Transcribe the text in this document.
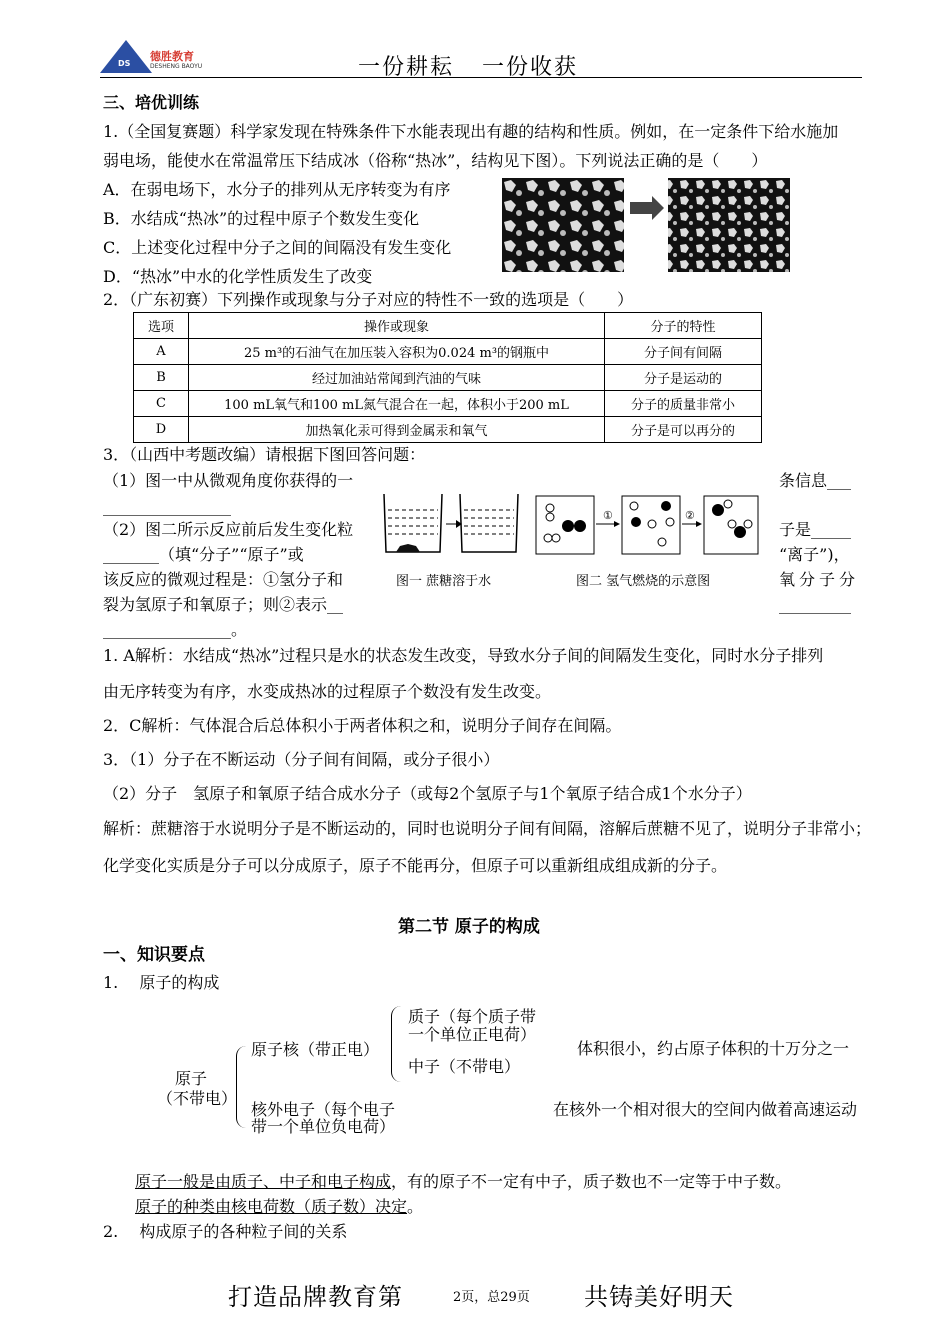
DS
德胜教育
DESHENG BAOYU	一份耕耘 一份收获
三、培优训练
1.（全国复赛题）科学家发现在特殊条件下水能表现出有趣的结构和性质。例如，在一定条件下给水施加
弱电场，能使水在常温常压下结成冰（俗称“热冰”，结构见下图）。下列说法正确的是（　　）
A．在弱电场下，水分子的排列从无序转变为有序
B．水结成“热冰”的过程中原子个数发生变化
C．上述变化过程中分子之间的间隔没有发生变化
D．“热冰”中水的化学性质发生了改变
2．（广东初赛）下列操作或现象与分子对应的特性不一致的选项是（　　）
选项	操作或现象	分子的特性
A	25 m³的石油气在加压装入容积为0.024 m³的钢瓶中	分子间有间隔
B	经过加油站常闻到汽油的气味	分子是运动的
C	100 mL氧气和100 mL氮气混合在一起，体积小于200 mL	分子的质量非常小
D	加热氧化汞可得到金属汞和氧气	分子是可以再分的
3．（山西中考题改编）请根据下图回答问题：
（1）图一中从微观角度你获得的一	条信息___
________________
（2）图二所示反应前后发生变化粒	子是_____
_______（填“分子”“原子”或	“离子”)，
该反应的微观过程是：①氢分子和	氧分子分
裂为氢原子和氧原子；则②表示__	_________
________________。
图一 蔗糖溶于水
①	②
图二 氢气燃烧的示意图
1. A解析：水结成“热冰”过程只是水的状态发生改变，导致水分子间的间隔发生变化，同时水分子排列
由无序转变为有序，水变成热冰的过程原子个数没有发生改变。
2．C解析：气体混合后总体积小于两者体积之和，说明分子间存在间隔。
3．（1）分子在不断运动（分子间有间隔，或分子很小）
（2）分子　氢原子和氧原子结合成水分子（或每2个氢原子与1个氧原子结合成1个水分子）
解析：蔗糖溶于水说明分子是不断运动的，同时也说明分子间有间隔，溶解后蔗糖不见了，说明分子非常小；
化学变化实质是分子可以分成原子，原子不能再分，但原子可以重新组成组成新的分子。
第二节 原子的构成
一、知识要点
1.　 原子的构成
原子
（不带电）
原子核（带正电）
质子（每个质子带
一个单位正电荷）
中子（不带电）
体积很小，约占原子体积的十万分之一
核外电子（每个电子
带一个单位负电荷）
在核外一个相对很大的空间内做着高速运动
原子一般是由质子、中子和电子构成，有的原子不一定有中子，质子数也不一定等于中子数。
原子的种类由核电荷数（质子数）决定。
2.　 构成原子的各种粒子间的关系
打造品牌教育第	2页，总29页 共铸美好明天
